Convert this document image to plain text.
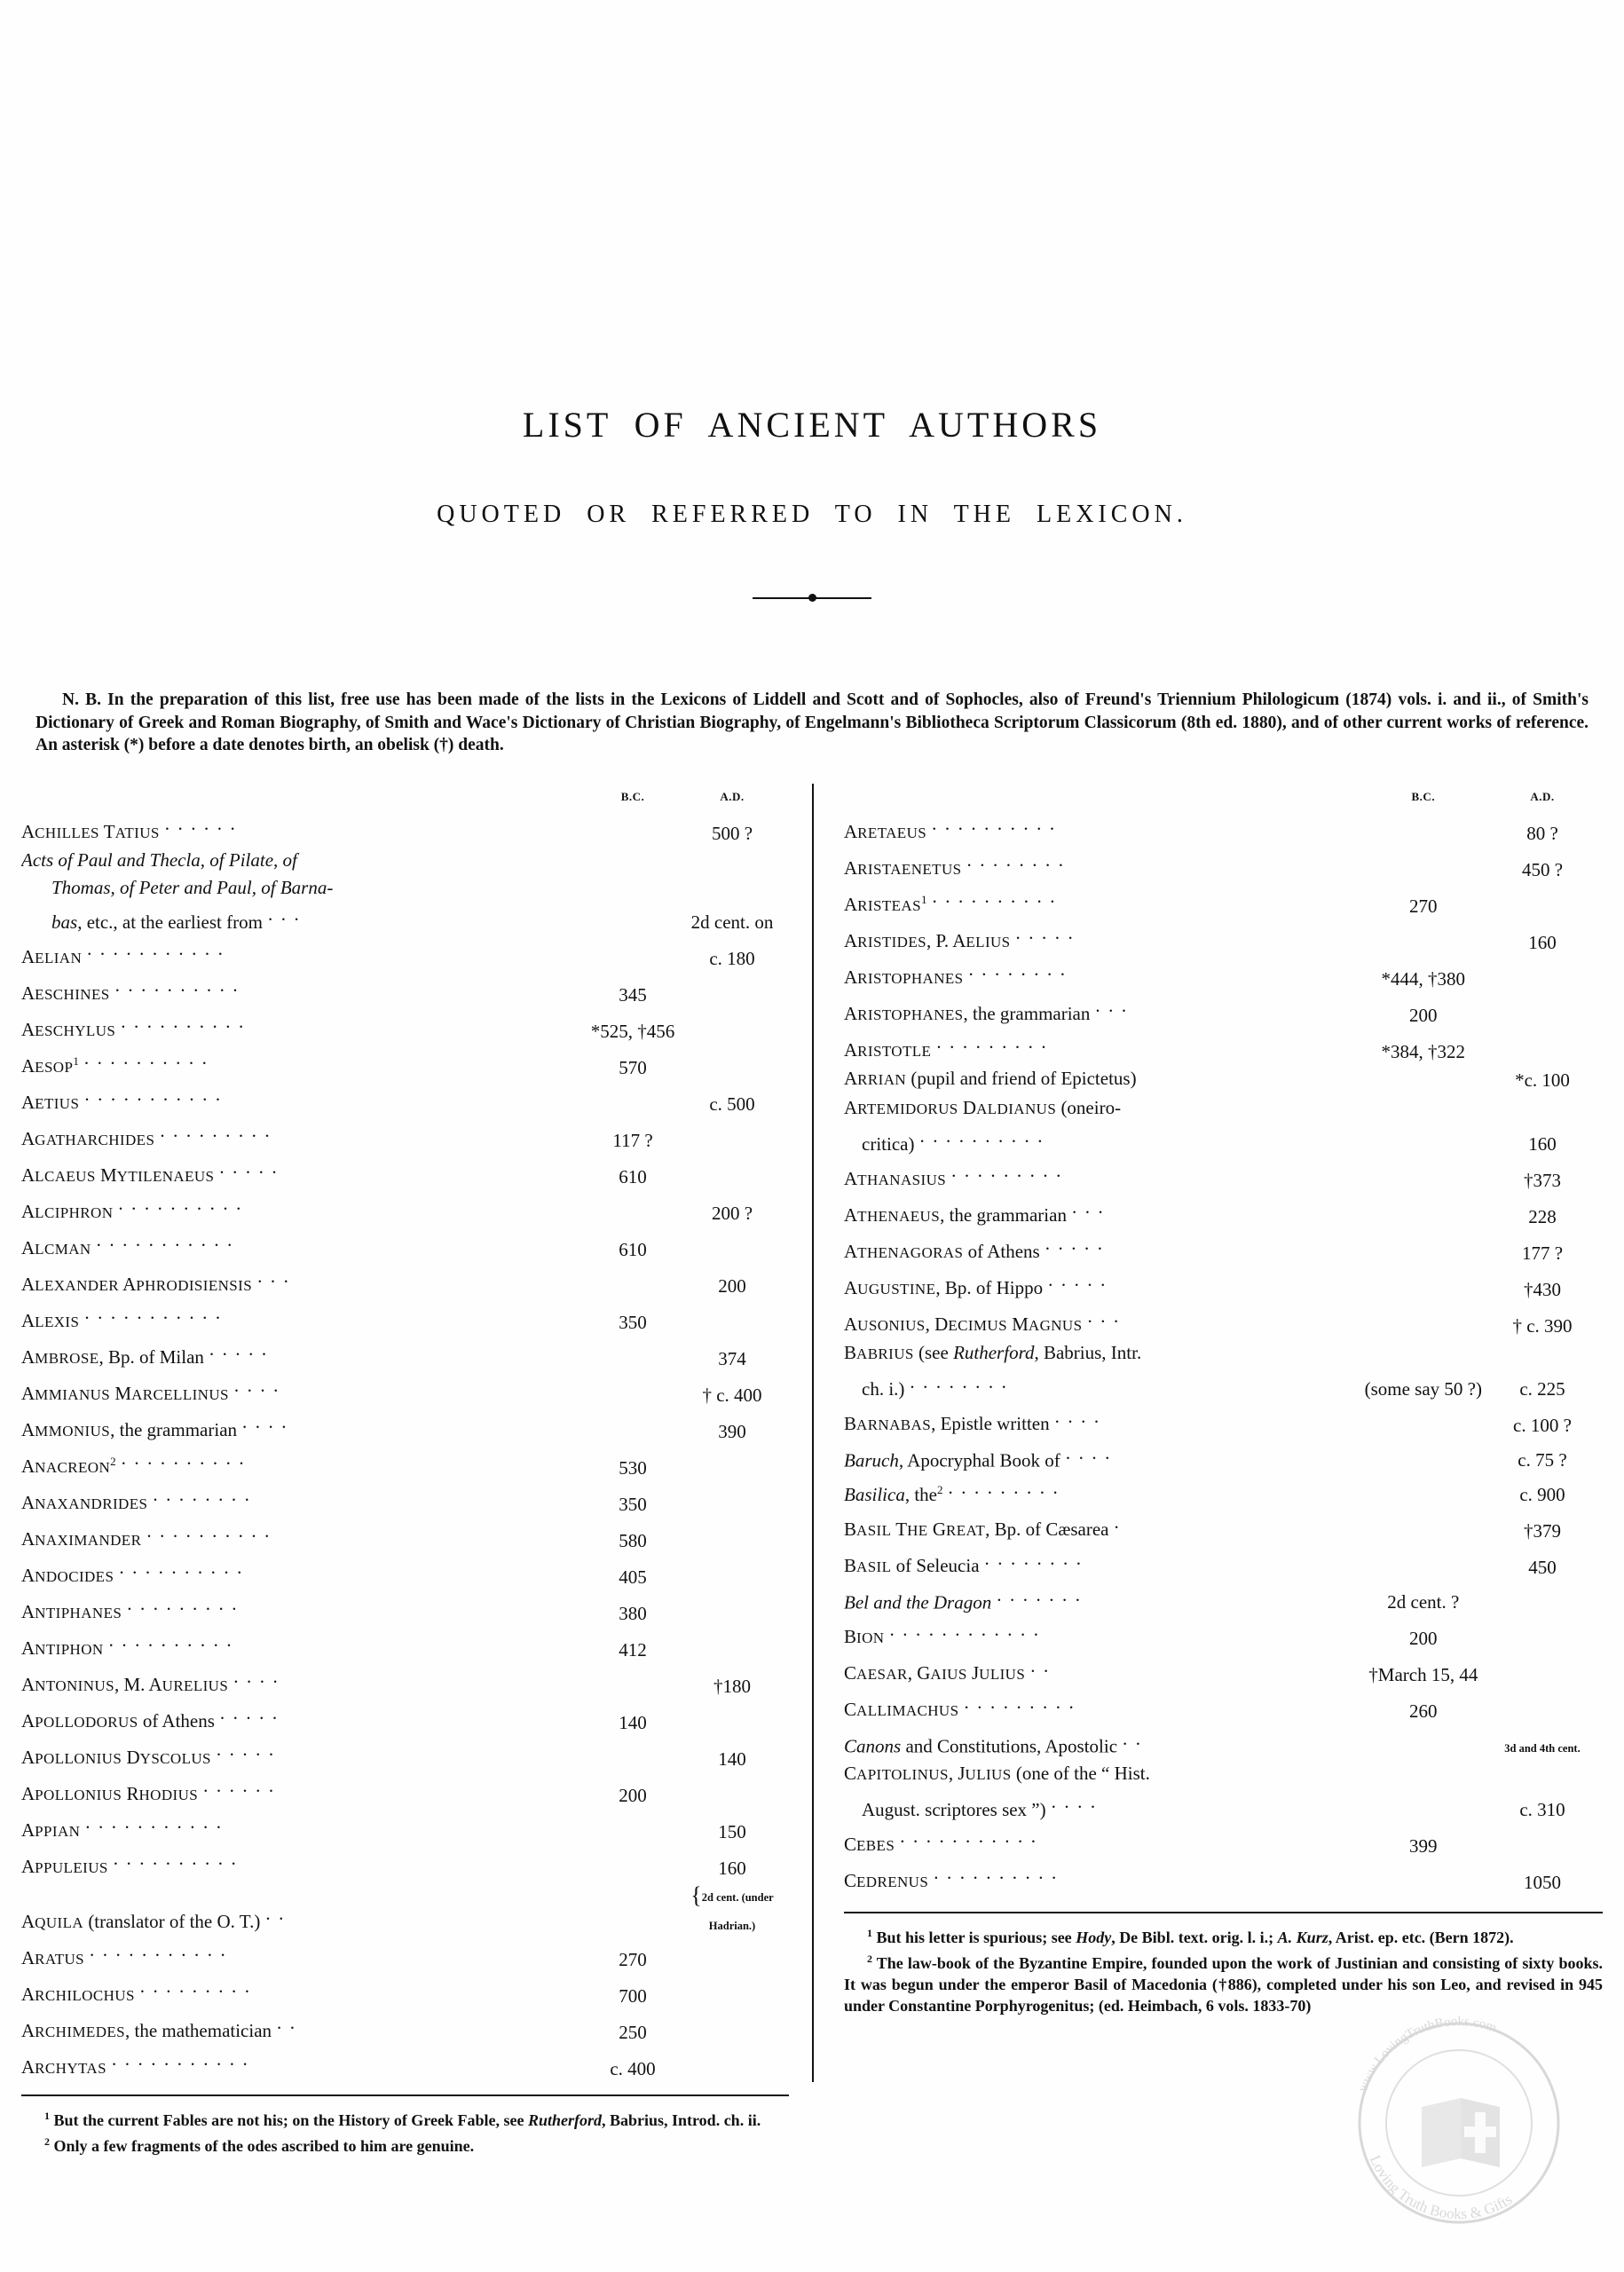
LIST OF ANCIENT AUTHORS
QUOTED OR REFERRED TO IN THE LEXICON.

N. B. In the preparation of this list, free use has been made of the lists in the Lexicons of Liddell and Scott and of Sophocles, also of Freund's Triennium Philologicum (1874) vols. i. and ii., of Smith's Dictionary of Greek and Roman Biography, of Smith and Wace's Dictionary of Christian Biography, of Engelmann's Bibliotheca Scriptorum Classicorum (8th ed. 1880), and of other current works of reference. An asterisk (*) before a date denotes birth, an obelisk (†) death.

	B.C.	A.D.
ACHILLES TATIUS ......		500 ?
Acts of Paul and Thecla, of Pilate, of		
Thomas, of Peter and Paul, of Barna-		
bas, etc., at the earliest from ...		2d cent. on
AELIAN ...........		c. 180
AESCHINES ..........	345	
AESCHYLUS ..........	*525, †456	
AESOP$^1$ ..........	570	
AETIUS ...........		c. 500
AGATHARCHIDES .........	117 ?	
ALCAEUS MYTILENAEUS .....	610	
ALCIPHRON ..........		200 ?
ALCMAN ...........	610	
ALEXANDER APHRODISIENSIS ...		200
ALEXIS ...........	350	
AMBROSE, Bp. of Milan .....		374
AMMIANUS MARCELLINUS ....		† c. 400
AMMONIUS, the grammarian ....		390
ANACREON$^2$ ..........	530	
ANAXANDRIDES ........	350	
ANAXIMANDER ..........	580	
ANDOCIDES ..........	405	
ANTIPHANES .........	380	
ANTIPHON ..........	412	
ANTONINUS, M. AURELIUS ....		†180
APOLLODORUS of Athens .....	140	
APOLLONIUS DYSCOLUS .....		140
APOLLONIUS RHODIUS ......	200	
APPIAN ...........		150
APPULEIUS ..........		160
AQUILA (translator of the O. T.) ..		{2d cent. (under
Hadrian.)
ARATUS ...........	270	
ARCHILOCHUS .........	700	
ARCHIMEDES, the mathematician ..	250	
ARCHYTAS ...........	c. 400	
	B.C.	A.D.
ARETAEUS ..........		80 ?
ARISTAENETUS ........		450 ?
ARISTEAS$^1$ ..........	270	
ARISTIDES, P. AELIUS .....		160
ARISTOPHANES ........	*444, †380	
ARISTOPHANES, the grammarian ...	200	
ARISTOTLE .........	*384, †322	
ARRIAN (pupil and friend of Epictetus)		*c. 100
ARTEMIDORUS DALDIANUS (oneiro-		
critica) ..........		160
ATHANASIUS .........		†373
ATHENAEUS, the grammarian ...		228
ATHENAGORAS of Athens .....		177 ?
AUGUSTINE, Bp. of Hippo .....		†430
AUSONIUS, DECIMUS MAGNUS ...		† c. 390
BABRIUS (see Rutherford, Babrius, Intr.		
ch. i.) ........	(some say 50 ?)	c. 225
BARNABAS, Epistle written ....		c. 100 ?
Baruch, Apocryphal Book of ....		c. 75 ?
Basilica, the$^2$ .........		c. 900
BASIL THE GREAT, Bp. of Cæsarea .		†379
BASIL of Seleucia ........		450
Bel and the Dragon .......	2d cent. ?	
BION ............	200	
CAESAR, GAIUS JULIUS ..	†March 15, 44	
CALLIMACHUS .........	260	
Canons and Constitutions, Apostolic ..		3d and 4th cent.
CAPITOLINUS, JULIUS (one of the “ Hist.		
August. scriptores sex ”) ....		c. 310
CEBES ...........	399	
CEDRENUS ..........		1050

$^1$ But his letter is spurious; see Hody, De Bibl. text. orig. l. i.; A. Kurz, Arist. ep. etc. (Bern 1872).

$^2$ The law-book of the Byzantine Empire, founded upon the work of Justinian and consisting of sixty books. It was begun under the emperor Basil of Macedonia (†886), completed under his son Leo, and revised in 945 under Constantine Porphyrogenitus; (ed. Heimbach, 6 vols. 1833-70)

$^1$ But the current Fables are not his; on the History of Greek Fable, see Rutherford, Babrius, Introd. ch. ii.

$^2$ Only a few fragments of the odes ascribed to him are genuine.

Loving Truth Books & Gifts
www.LovingTruthBooks.com
